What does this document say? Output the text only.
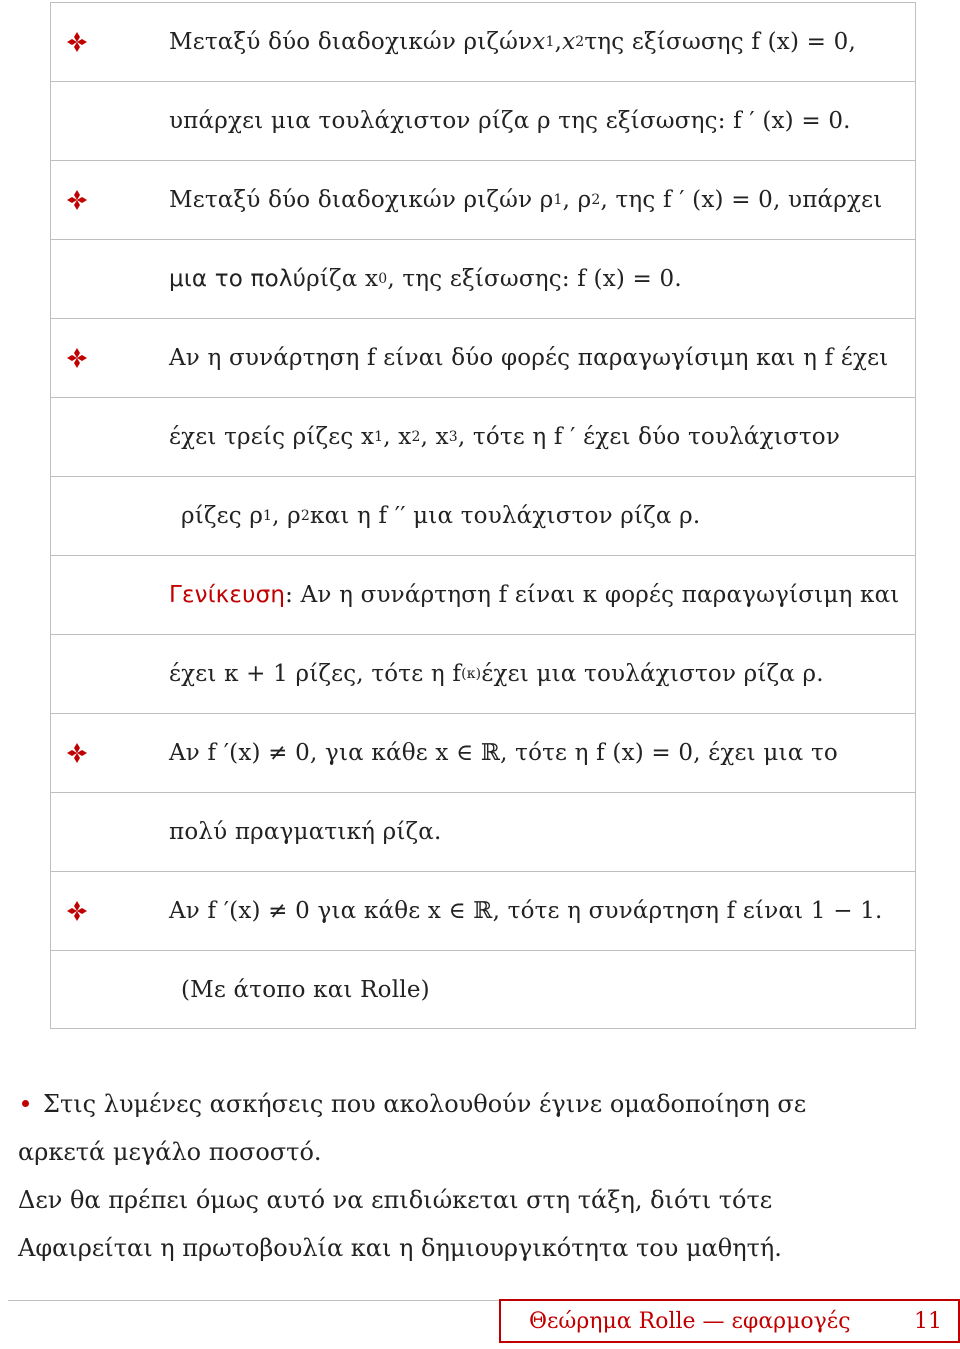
Μεταξύ δύο διαδοχικών ριζών x 1 , x 2 της εξίσωσης f (x) = 0,
υπάρχει μια τουλάχιστον ρίζα ρ της εξίσωσης: f ′ (x) = 0.
Μεταξύ δύο διαδοχικών ριζών ρ 1 , ρ 2 , της f ′ (x) = 0, υπάρχει
μια το πολύ ρίζα x 0 , της εξίσωσης: f (x) = 0.
Αν η συνάρτηση f είναι δύο φορές παραγωγίσιμη και η f έχει
έχει τρείς ρίζες x 1 , x 2 , x 3 , τότε η f ′ έχει δύο τουλάχιστον
ρίζες ρ 1 , ρ 2 και η f ′′ μια τουλάχιστον ρίζα ρ.
Γενίκευση : Αν η συνάρτηση f είναι κ φορές παραγωγίσιμη και
έχει κ + 1 ρίζες, τότε η f (κ) έχει μια τουλάχιστον ρίζα ρ.
Αν f ′(x) ≠ 0, για κάθε x ∈ ℝ, τότε η f (x) = 0, έχει μια το
πολύ πραγματική ρίζα.
Αν f ′(x) ≠ 0 για κάθε x ∈ ℝ, τότε η συνάρτηση f είναι 1 − 1.
(Με άτοπο και Rolle)

Στις λυμένες ασκήσεις που ακολουθούν έγινε ομαδοποίηση σε

αρκετά μεγάλο ποσοστό.

Δεν θα πρέπει όμως αυτό να επιδιώκεται στη τάξη, διότι τότε

Αφαιρείται η πρωτοβουλία και η δημιουργικότητα του μαθητή.

Θεώρημα Rolle — εφαρμογές	11
